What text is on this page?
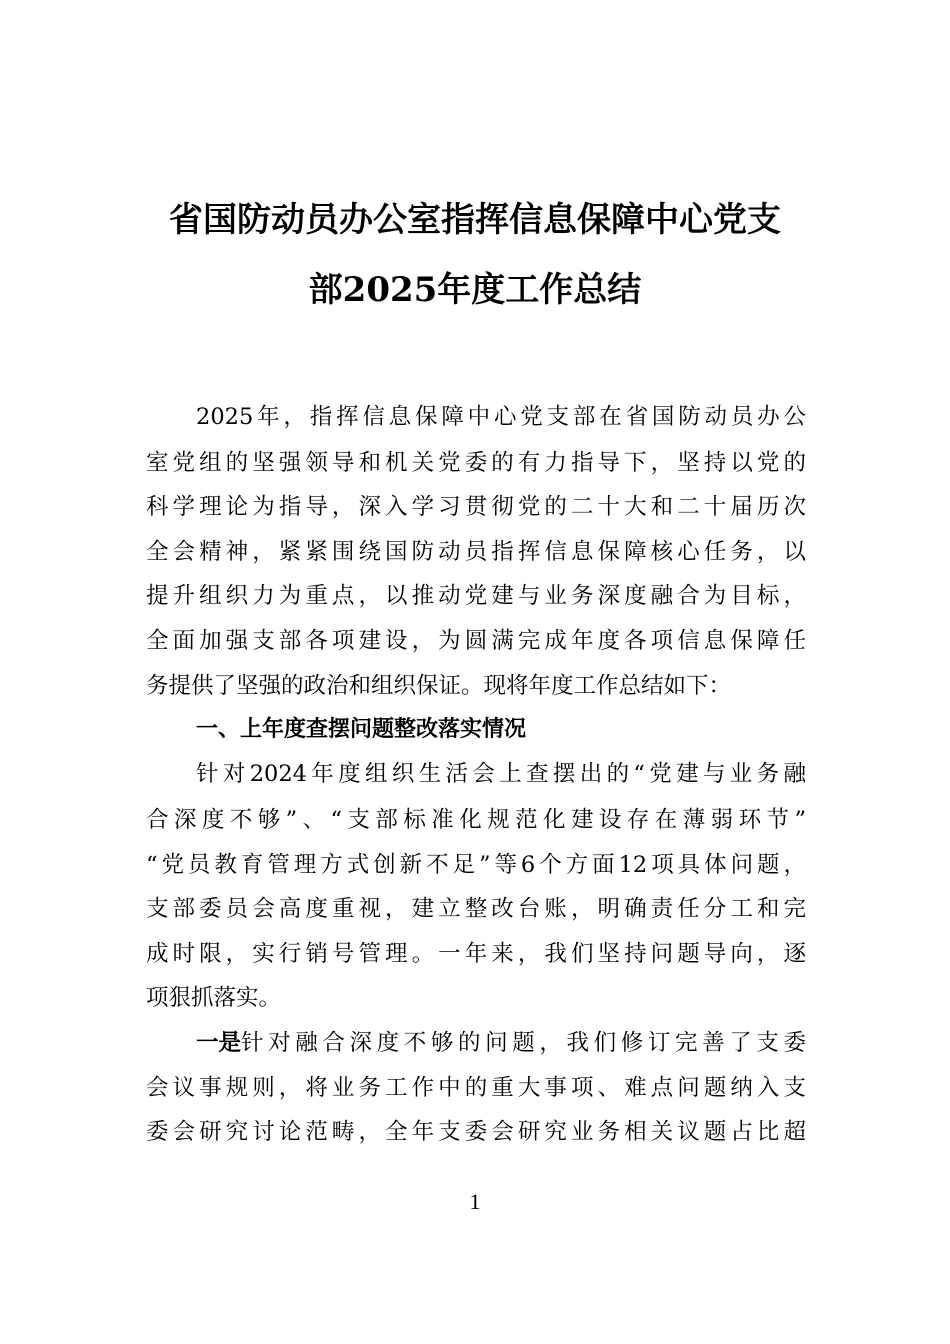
省国防动员办公室指挥信息保障中心党支
部2025年度工作总结
2025年，指挥信息保障中心党支部在省国防动员办公
室党组的坚强领导和机关党委的有力指导下，坚持以党的
科学理论为指导，深入学习贯彻党的二十大和二十届历次
全会精神，紧紧围绕国防动员指挥信息保障核心任务，以
提升组织力为重点，以推动党建与业务深度融合为目标，
全面加强支部各项建设，为圆满完成年度各项信息保障任
务提供了坚强的政治和组织保证。现将年度工作总结如下：
一、上年度查摆问题整改落实情况
针对2024年度组织生活会上查摆出的“党建与业务融
合深度不够”、“支部标准化规范化建设存在薄弱环节”
“党员教育管理方式创新不足”等6个方面12项具体问题，
支部委员会高度重视，建立整改台账，明确责任分工和完
成时限，实行销号管理。一年来，我们坚持问题导向，逐
项狠抓落实。
一是 针对融合深度不够的问题，我们修订完善了支委
会议事规则，将业务工作中的重大事项、难点问题纳入支
委会研究讨论范畴，全年支委会研究业务相关议题占比超
1
